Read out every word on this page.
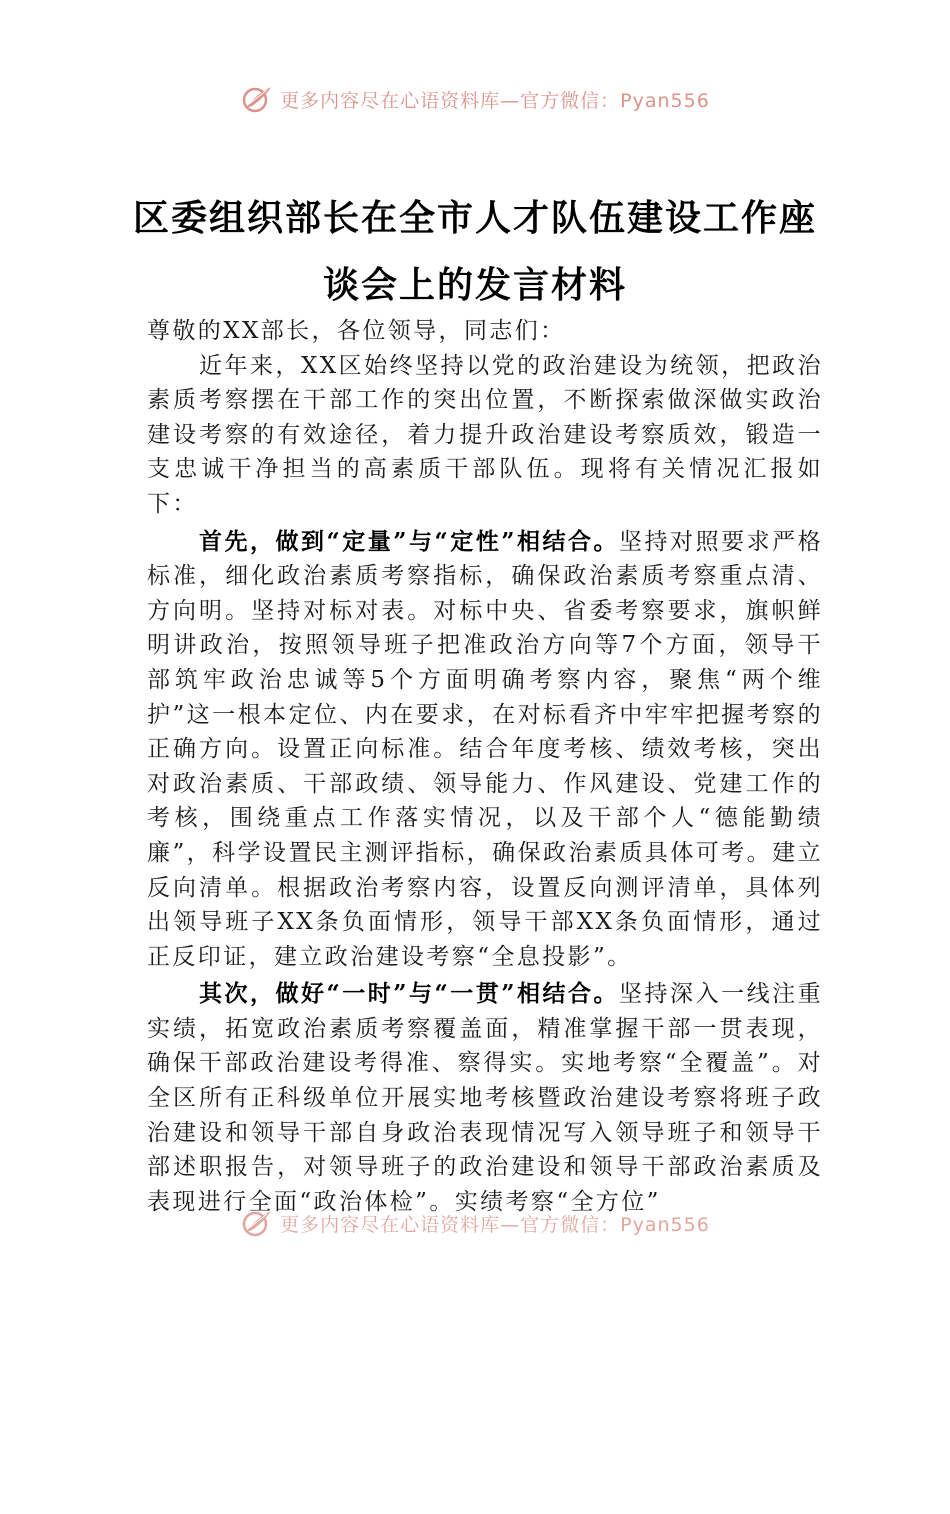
更多内容尽在心语资料库—官方微信：Pyan556
区委组织部长在全市人才队伍建设工作座
谈会上的发言材料

尊敬的XX部长，各位领导，同志们：

近年来，XX区始终坚持以党的政治建设为统领，把政治素质考察摆在干部工作的突出位置，不断探索做深做实政治建设考察的有效途径，着力提升政治建设考察质效，锻造一支忠诚干净担当的高素质干部队伍。现将有关情况汇报如下：

首先，做到“定量”与“定性”相结合。坚持对照要求严格标准，细化政治素质考察指标，确保政治素质考察重点清、方向明。坚持对标对表。对标中央、省委考察要求，旗帜鲜明讲政治，按照领导班子把准政治方向等7个方面，领导干部筑牢政治忠诚等5个方面明确考察内容，聚焦“两个维护”这一根本定位、内在要求，在对标看齐中牢牢把握考察的正确方向。设置正向标准。结合年度考核、绩效考核，突出对政治素质、干部政绩、领导能力、作风建设、党建工作的考核，围绕重点工作落实情况，以及干部个人“德能勤绩廉”，科学设置民主测评指标，确保政治素质具体可考。建立反向清单。根据政治考察内容，设置反向测评清单，具体列出领导班子XX条负面情形，领导干部XX条负面情形，通过正反印证，建立政治建设考察“全息投影”。

其次，做好“一时”与“一贯”相结合。坚持深入一线注重实绩，拓宽政治素质考察覆盖面，精准掌握干部一贯表现，确保干部政治建设考得准、察得实。实地考察“全覆盖”。对全区所有正科级单位开展实地考核暨政治建设考察将班子政治建设和领导干部自身政治表现情况写入领导班子和领导干部述职报告，对领导班子的政治建设和领导干部政治素质及表现进行全面“政治体检”。实绩考察“全方位”

更多内容尽在心语资料库—官方微信：Pyan556
